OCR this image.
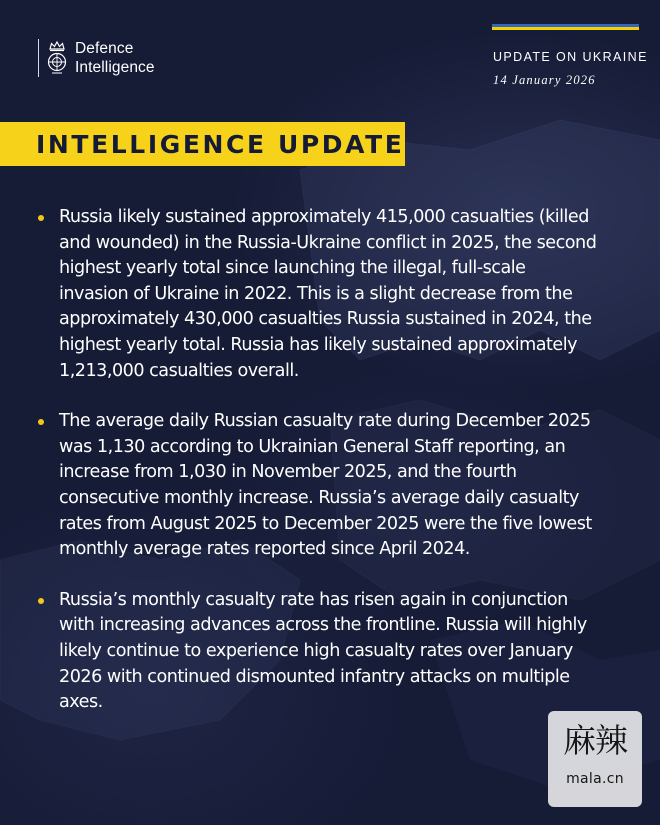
Defence
Intelligence
UPDATE ON UKRAINE
14 January 2026
INTELLIGENCE UPDATE
Russia likely sustained approximately 415,000 casualties (killed and wounded) in the Russia-Ukraine conflict in 2025, the second highest yearly total since launching the illegal, full-scale invasion of Ukraine in 2022. This is a slight decrease from the approximately 430,000 casualties Russia sustained in 2024, the highest yearly total. Russia has likely sustained approximately 1,213,000 casualties overall.
The average daily Russian casualty rate during December 2025 was 1,130 according to Ukrainian General Staff reporting, an increase from 1,030 in November 2025, and the fourth consecutive monthly increase. Russia’s average daily casualty rates from August 2025 to December 2025 were the five lowest monthly average rates reported since April 2024.
Russia’s monthly casualty rate has risen again in conjunction with increasing advances across the frontline. Russia will highly likely continue to experience high casualty rates over January 2026 with continued dismounted infantry attacks on multiple axes.
麻辣
mala.cn
